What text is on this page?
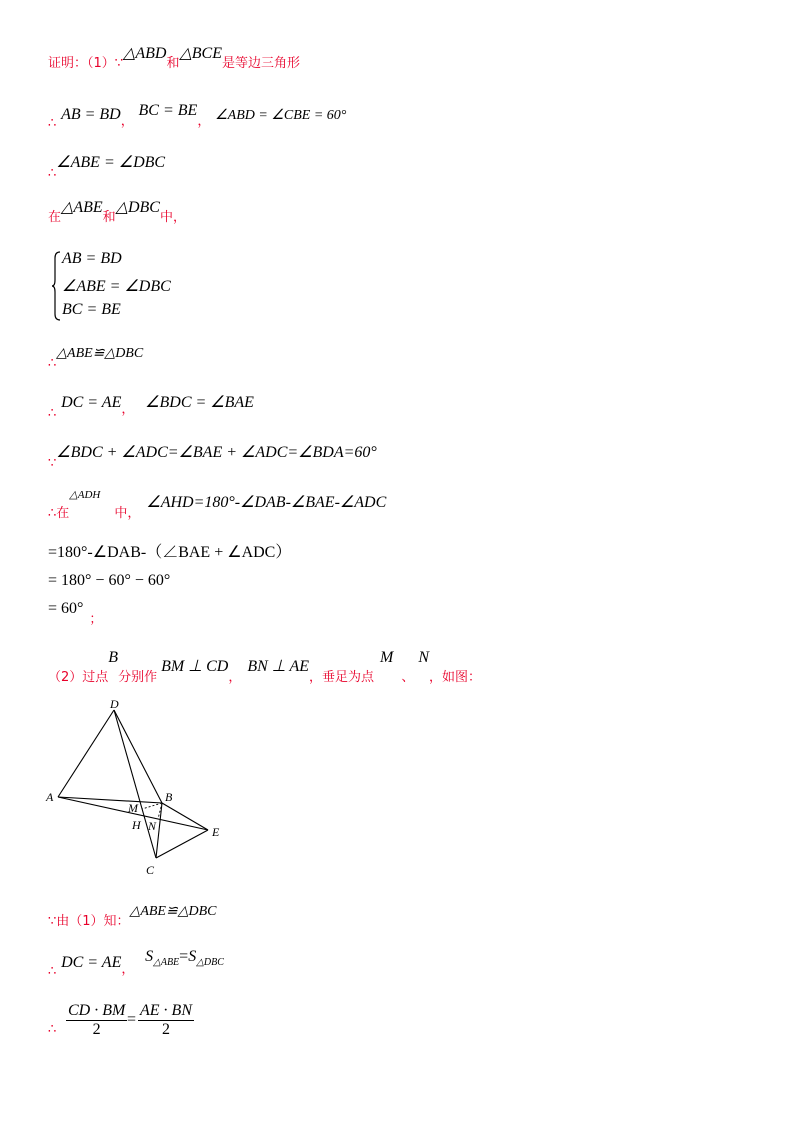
证明：（1）∵△ABD和△BCE是等边三角形
∴ AB = BD， BC = BE， ∠ABD = ∠CBE = 60°
∴∠ABE = ∠DBC
在△ABE和△DBC中，
AB = BD
∠ABE = ∠DBC
BC = BE
∴△ABE≌△DBC
∴ DC = AE， ∠BDC = ∠BAE
∵∠BDC + ∠ADC=∠BAE + ∠ADC=∠BDA=60°
∴在$^{\triangle ADH}$中，∠AHD=180°-∠DAB-∠BAE-∠ADC
=180°-∠DAB-（∠BAE + ∠ADC）
= 180° − 60° − 60°
= 60°；
（2）过点B分别作BM ⊥ CD，BN ⊥ AE，垂足为点M、N，如图：
D
A	B
M
H N	E
C
∵由（1）知：△ABE≌△DBC
∴ DC = AE， $S_{\triangle ABE}=S_{\triangle DBC}$
∴
CD · BM
2
=
AE · BN
2
